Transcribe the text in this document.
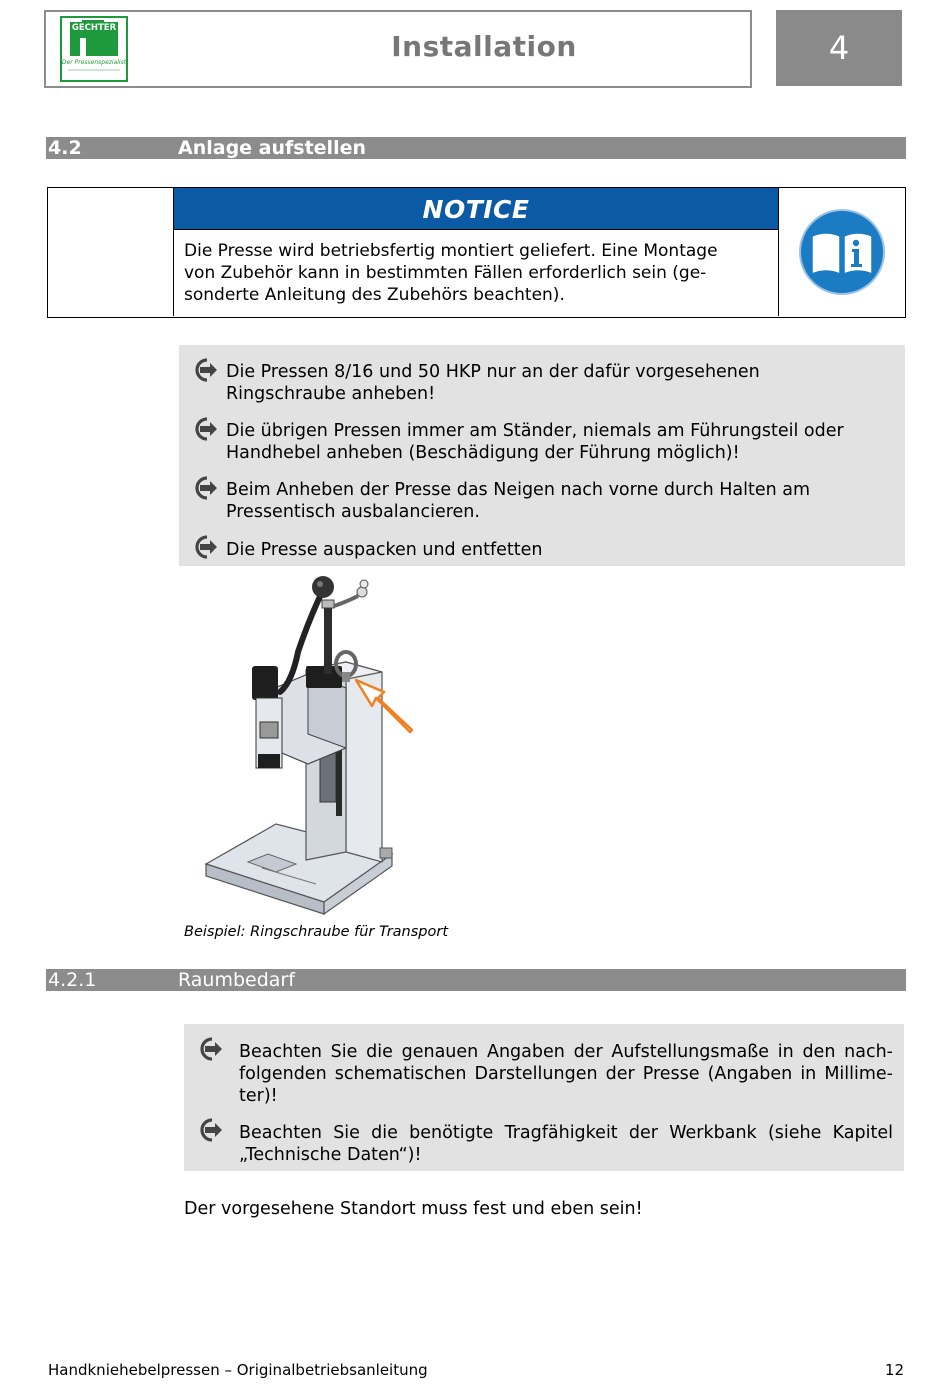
GECHTER
Der Pressenspezialist	Installation	4
4.2	Anlage aufstellen
NOTICE
Die Presse wird betriebsfertig montiert geliefert. Eine Montage
von Zubehör kann in bestimmten Fällen erforderlich sein (ge-
sonderte Anleitung des Zubehörs beachten).
Die Pressen 8/16 und 50 HKP nur an der dafür vorgesehenen
Ringschraube anheben!
Die übrigen Pressen immer am Ständer, niemals am Führungsteil oder
Handhebel anheben (Beschädigung der Führung möglich)!
Beim Anheben der Presse das Neigen nach vorne durch Halten am
Pressentisch ausbalancieren.
Die Presse auspacken und entfetten
Beispiel: Ringschraube für Transport
4.2.1	Raumbedarf
Beachten Sie die genauen Angaben der Aufstellungsmaße in den nach-
folgenden schematischen Darstellungen der Presse (Angaben in Millime-
ter)!
Beachten Sie die benötigte Tragfähigkeit der Werkbank (siehe Kapitel
„Technische Daten“)!
Der vorgesehene Standort muss fest und eben sein!
Handkniehebelpressen – Originalbetriebsanleitung	12
